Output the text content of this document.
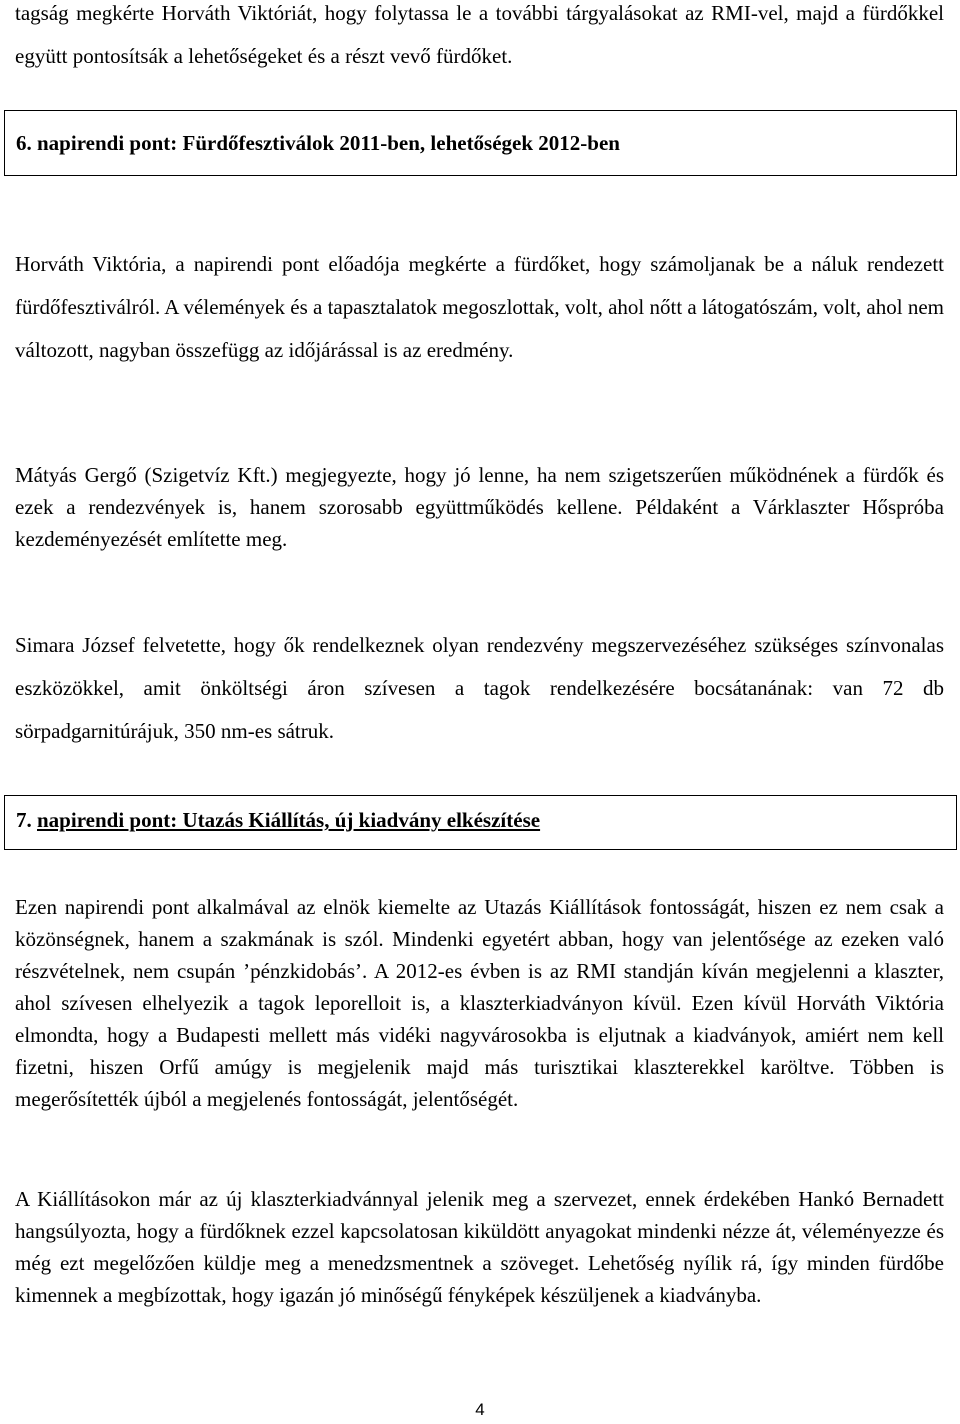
tagság megkérte Horváth Viktóriát, hogy folytassa le a további tárgyalásokat az RMI-vel, majd a fürdőkkel együtt pontosítsák a lehetőségeket és a részt vevő fürdőket.

6. napirendi pont: Fürdőfesztiválok 2011-ben, lehetőségek 2012-ben

Horváth Viktória, a napirendi pont előadója megkérte a fürdőket, hogy számoljanak be a náluk rendezett fürdőfesztiválról. A vélemények és a tapasztalatok megoszlottak, volt, ahol nőtt a látogatószám, volt, ahol nem változott, nagyban összefügg az időjárással is az eredmény.

Mátyás Gergő (Szigetvíz Kft.) megjegyezte, hogy jó lenne, ha nem szigetszerűen működnének a fürdők és ezek a rendezvények is, hanem szorosabb együttműködés kellene. Példaként a Várklaszter Hőspróba kezdeményezését említette meg.

Simara József felvetette, hogy ők rendelkeznek olyan rendezvény megszervezéséhez szükséges színvonalas eszközökkel, amit önköltségi áron szívesen a tagok rendelkezésére bocsátanának: van 72 db sörpadgarnitúrájuk, 350 nm-es sátruk.

7. napirendi pont: Utazás Kiállítás, új kiadvány elkészítése

Ezen napirendi pont alkalmával az elnök kiemelte az Utazás Kiállítások fontosságát, hiszen ez nem csak a közönségnek, hanem a szakmának is szól. Mindenki egyetért abban, hogy van jelentősége az ezeken való részvételnek, nem csupán ’pénzkidobás’. A 2012-es évben is az RMI standján kíván megjelenni a klaszter, ahol szívesen elhelyezik a tagok leporelloit is, a klaszterkiadványon kívül. Ezen kívül Horváth Viktória elmondta, hogy a Budapesti mellett más vidéki nagyvárosokba is eljutnak a kiadványok, amiért nem kell fizetni, hiszen Orfű amúgy is megjelenik majd más turisztikai klaszterekkel karöltve. Többen is megerősítették újból a megjelenés fontosságát, jelentőségét.

A Kiállításokon már az új klaszterkiadvánnyal jelenik meg a szervezet, ennek érdekében Hankó Bernadett hangsúlyozta, hogy a fürdőknek ezzel kapcsolatosan kiküldött anyagokat mindenki nézze át, véleményezze és még ezt megelőzően küldje meg a menedzsmentnek a szöveget. Lehetőség nyílik rá, így minden fürdőbe kimennek a megbízottak, hogy igazán jó minőségű fényképek készüljenek a kiadványba.

4
